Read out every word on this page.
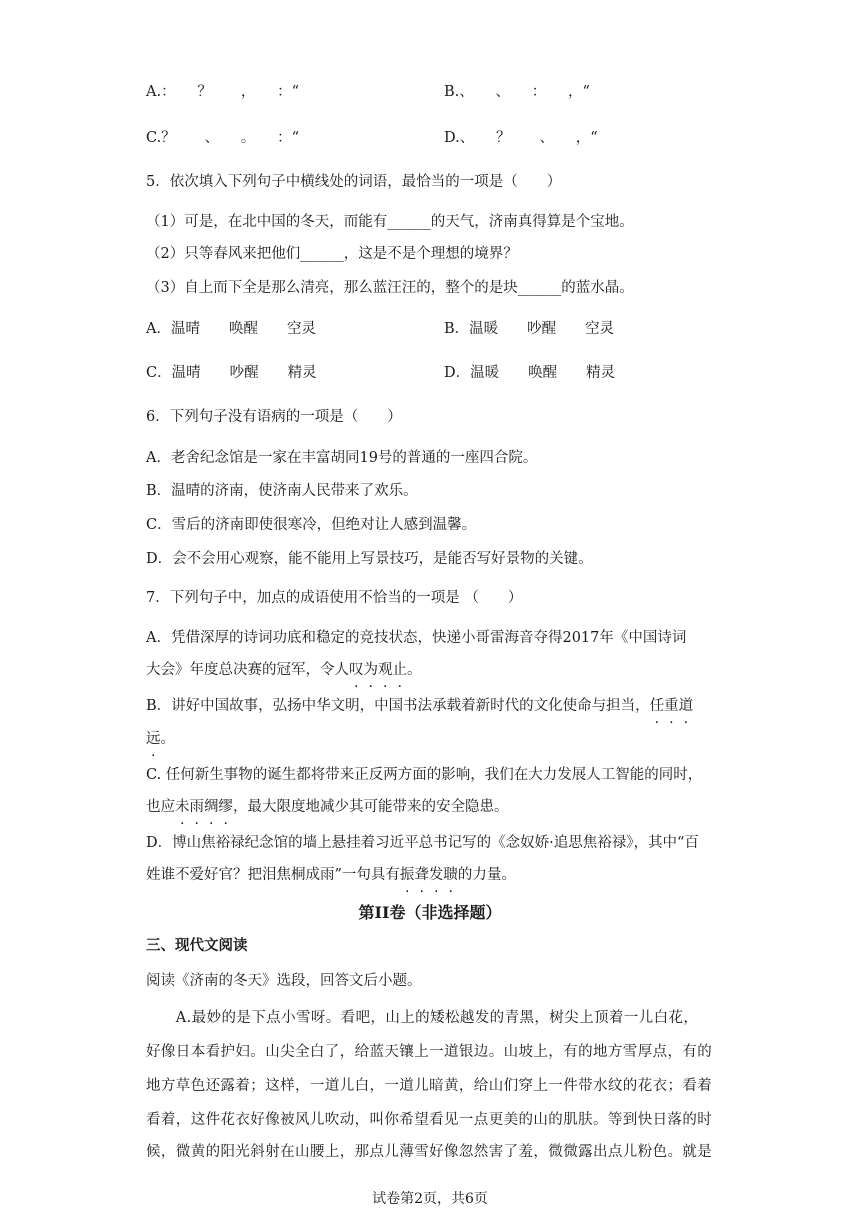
A.：　　？　　，　　：“	B.、　　、　　：　　，“
C.？　　、　　。　　：“	D.、　　？　　、　　，“
5．依次填入下列句子中横线处的词语，最恰当的一项是（　　）
（1）可是，在北中国的冬天，而能有______的天气，济南真得算是个宝地。
（2）只等春风来把他们______，这是不是个理想的境界？
（3）自上而下全是那么清亮，那么蓝汪汪的，整个的是块______的蓝水晶。
A．温晴　　唤醒　　空灵	B．温暖　　吵醒　　空灵
C．温晴　　吵醒　　精灵	D．温暖　　唤醒　　精灵
6．下列句子没有语病的一项是（　　）
A．老舍纪念馆是一家在丰富胡同19号的普通的一座四合院。
B．温晴的济南，使济南人民带来了欢乐。
C．雪后的济南即使很寒冷，但绝对让人感到温馨。
D．会不会用心观察，能不能用上写景技巧，是能否写好景物的关键。
7．下列句子中，加点的成语使用不恰当的一项是 （　　）
A．凭借深厚的诗词功底和稳定的竞技状态，快递小哥雷海音夺得2017年《中国诗词
大会》年度总决赛的冠军，令人叹为观止。
B．讲好中国故事，弘扬中华文明，中国书法承载着新时代的文化使命与担当，任重道
远。
C. 任何新生事物的诞生都将带来正反两方面的影响，我们在大力发展人工智能的同时，
也应未雨绸缪，最大限度地减少其可能带来的安全隐患。
D．博山焦裕禄纪念馆的墙上悬挂着习近平总书记写的《念奴娇·追思焦裕禄》，其中“百
姓谁不爱好官？把泪焦桐成雨”一句具有振聋发聩的力量。
第II卷（非选择题）
三、现代文阅读
阅读《济南的冬天》选段，回答文后小题。
　　A.最妙的是下点小雪呀。看吧，山上的矮松越发的青黑，树尖上顶着一儿白花，
好像日本看护妇。山尖全白了，给蓝天镶上一道银边。山坡上，有的地方雪厚点，有的
地方草色还露着；这样，一道儿白，一道儿暗黄，给山们穿上一件带水纹的花衣；看着
看着，这件花衣好像被风儿吹动，叫你希望看见一点更美的山的肌肤。等到快日落的时
候，微黄的阳光斜射在山腰上，那点儿薄雪好像忽然害了羞，微微露出点儿粉色。就是
试卷第2页，共6页
